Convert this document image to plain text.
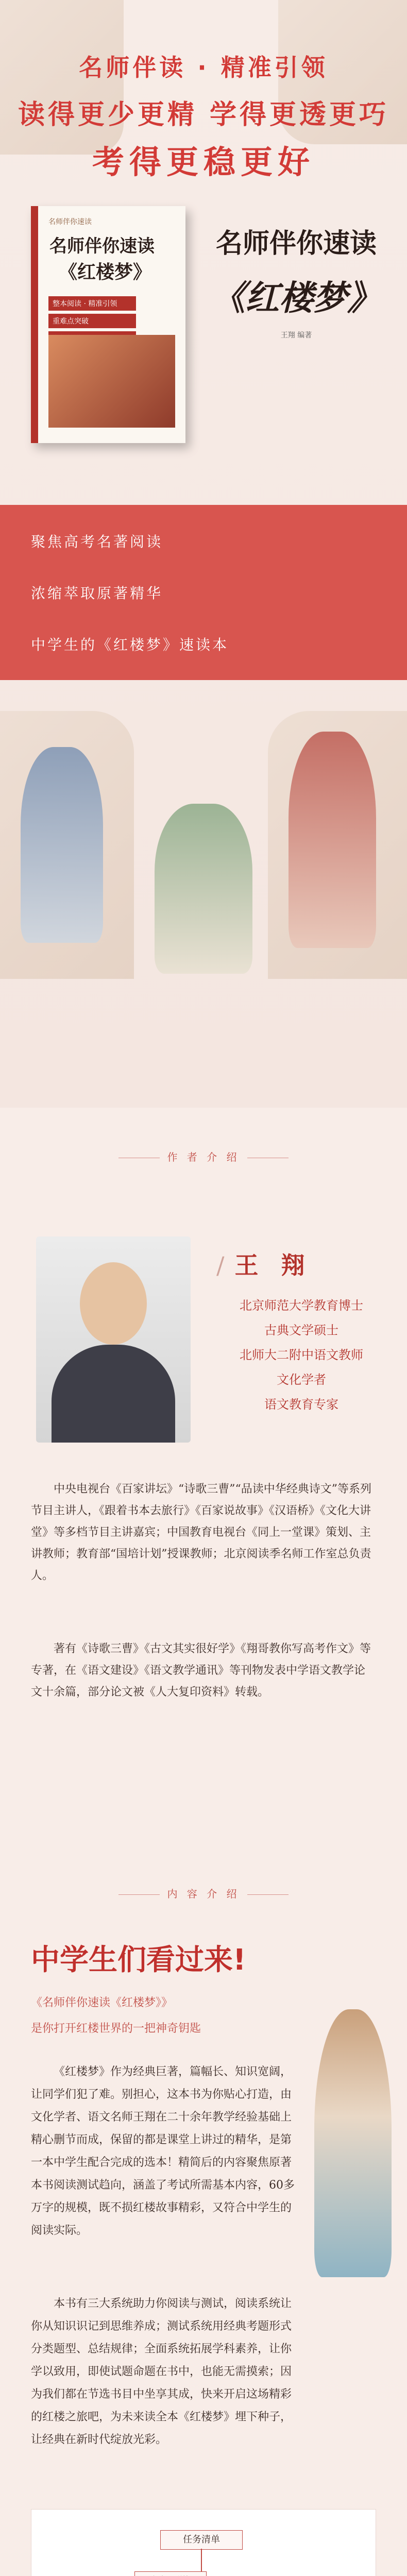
名师伴读 · 精准引领
读得更少更精 学得更透更巧
考得更稳更好
名师伴你速读
名师伴你速读
《红楼梦》
整本阅读 · 精准引领
重难点突破
名师伴你速读
《红楼梦》
王翔 编著
聚焦高考名著阅读
浓缩萃取原著精华
中学生的《红楼梦》速读本
作 者 介 绍
/ 王 翔
北京师范大学教育博士
古典文学硕士
北师大二附中语文教师
文化学者
语文教育专家

中央电视台《百家讲坛》“诗歌三曹”“品读中华经典诗文”等系列节目主讲人，《跟着书本去旅行》《百家说故事》《汉语桥》《文化大讲堂》等多档节目主讲嘉宾；中国教育电视台《同上一堂课》策划、主讲教师；教育部“国培计划”授课教师；北京阅读季名师工作室总负责人。

著有《诗歌三曹》《古文其实很好学》《翔哥教你写高考作文》等专著，在《语文建设》《语文教学通讯》等刊物发表中学语文教学论文十余篇，部分论文被《人大复印资料》转载。

内 容 介 绍
中学生们看过来!
《名师伴你速读《红楼梦》》
是你打开红楼世界的一把神奇钥匙

《红楼梦》作为经典巨著，篇幅长、知识宽阔，让同学们犯了难。别担心，这本书为你贴心打造，由文化学者、语文名师王翔在二十余年教学经验基础上精心删节而成，保留的都是课堂上讲过的精华，是第一本中学生配合完成的选本！精简后的内容聚焦原著本书阅读测试趋向，涵盖了考试所需基本内容，60多万字的规模，既不损红楼故事精彩，又符合中学生的阅读实际。

本书有三大系统助力你阅读与测试，阅读系统让你从知识识记到思维养成；测试系统用经典考题形式分类题型、总结规律；全面系统拓展学科素养，让你学以致用，即使试题命题在书中，也能无需摸索；因为我们都在节选书目中坐享其成，快来开启这场精彩的红楼之旅吧，为未来读全本《红楼梦》埋下种子，让经典在新时代绽放光彩。

任务清单
